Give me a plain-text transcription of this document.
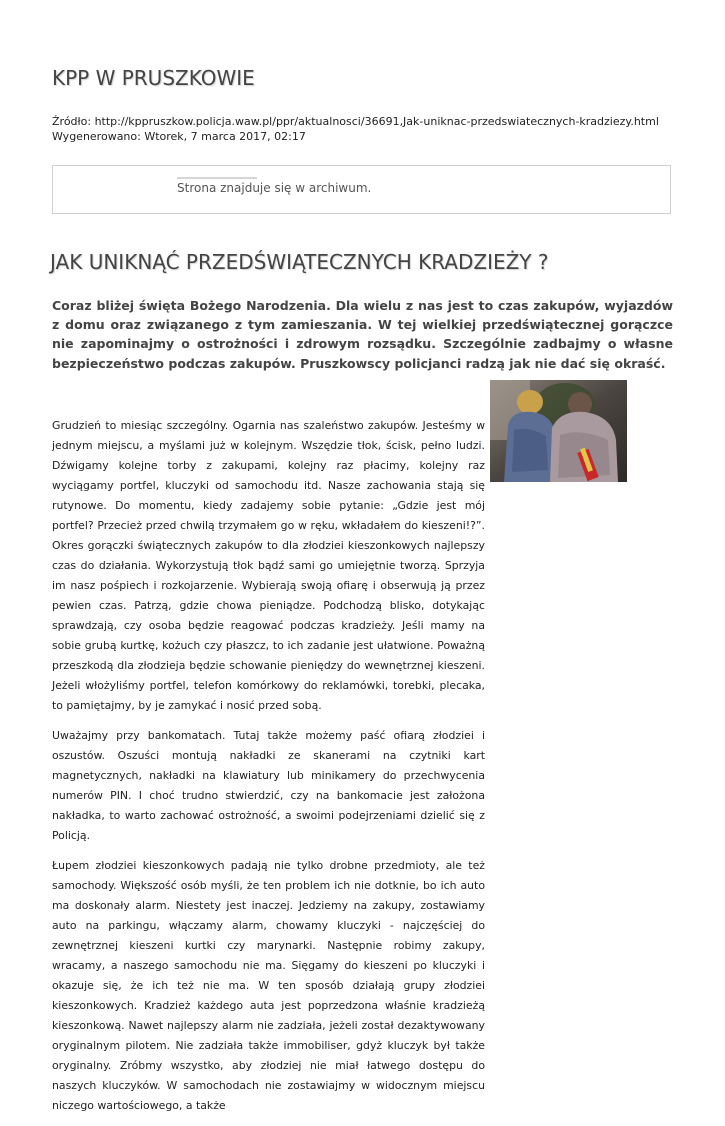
KPP W PRUSZKOWIE
Źródło: http://kppruszkow.policja.waw.pl/ppr/aktualnosci/36691,Jak-uniknac-przedswiatecznych-kradziezy.html
Wygenerowano: Wtorek, 7 marca 2017, 02:17
Strona znajduje się w archiwum.
JAK UNIKNĄĆ PRZEDŚWIĄTECZNYCH KRADZIEŻY ?

Coraz bliżej święta Bożego Narodzenia. Dla wielu z nas jest to czas zakupów, wyjazdów z domu oraz związanego z tym zamieszania. W tej wielkiej przedświątecznej gorączce nie zapominajmy o ostrożności i zdrowym rozsądku. Szczególnie zadbajmy o własne bezpieczeństwo podczas zakupów. Pruszkowscy policjanci radzą jak nie dać się okraść.

Grudzień to miesiąc szczególny. Ogarnia nas szaleństwo zakupów. Jesteśmy w jednym miejscu, a myślami już w kolejnym. Wszędzie tłok, ścisk, pełno ludzi. Dźwigamy kolejne torby z zakupami, kolejny raz płacimy, kolejny raz wyciągamy portfel, kluczyki od samochodu itd. Nasze zachowania stają się rutynowe. Do momentu, kiedy zadajemy sobie pytanie: „Gdzie jest mój portfel? Przecież przed chwilą trzymałem go w ręku, wkładałem do kieszeni!?”. Okres gorączki świątecznych zakupów to dla złodziei kieszonkowych najlepszy czas do działania. Wykorzystują tłok bądź sami go umiejętnie tworzą. Sprzyja im nasz pośpiech i rozkojarzenie. Wybierają swoją ofiarę i obserwują ją przez pewien czas. Patrzą, gdzie chowa pieniądze. Podchodzą blisko, dotykając sprawdzają, czy osoba będzie reagować podczas kradzieży. Jeśli mamy na sobie grubą kurtkę, kożuch czy płaszcz, to ich zadanie jest ułatwione. Poważną przeszkodą dla złodzieja będzie schowanie pieniędzy do wewnętrznej kieszeni. Jeżeli włożyliśmy portfel, telefon komórkowy do reklamówki, torebki, plecaka, to pamiętajmy, by je zamykać i nosić przed sobą.

Uważajmy przy bankomatach. Tutaj także możemy paść ofiarą złodziei i oszustów. Oszuści montują nakładki ze skanerami na czytniki kart magnetycznych, nakładki na klawiatury lub minikamery do przechwycenia numerów PIN. I choć trudno stwierdzić, czy na bankomacie jest założona nakładka, to warto zachować ostrożność, a swoimi podejrzeniami dzielić się z Policją.

Łupem złodziei kieszonkowych padają nie tylko drobne przedmioty, ale też samochody. Większość osób myśli, że ten problem ich nie dotknie, bo ich auto ma doskonały alarm. Niestety jest inaczej. Jedziemy na zakupy, zostawiamy auto na parkingu, włączamy alarm, chowamy kluczyki - najczęściej do zewnętrznej kieszeni kurtki czy marynarki. Następnie robimy zakupy, wracamy, a naszego samochodu nie ma. Sięgamy do kieszeni po kluczyki i okazuje się, że ich też nie ma. W ten sposób działają grupy złodziei kieszonkowych. Kradzież każdego auta jest poprzedzona właśnie kradzieżą kieszonkową. Nawet najlepszy alarm nie zadziała, jeżeli został dezaktywowany oryginalnym pilotem. Nie zadziała także immobiliser, gdyż kluczyk był także oryginalny. Zróbmy wszystko, aby złodziej nie miał łatwego dostępu do naszych kluczyków. W samochodach nie zostawiajmy w widocznym miejscu niczego wartościowego, a także
